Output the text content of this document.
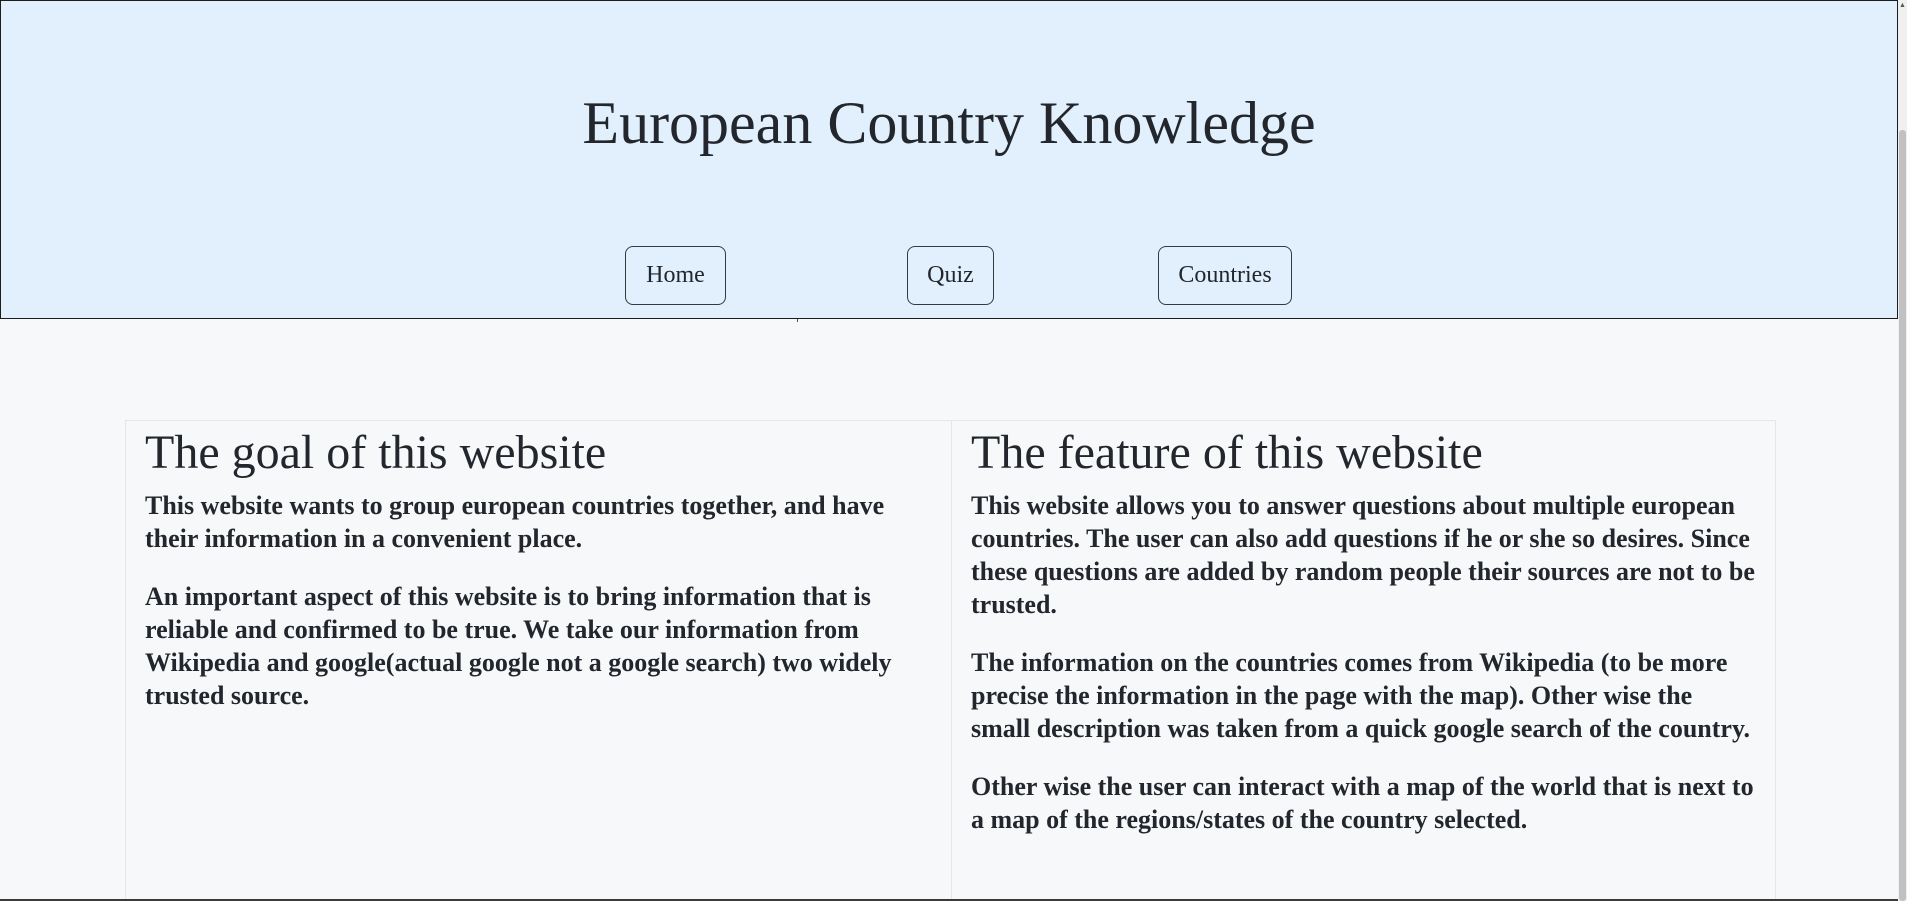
European Country Knowledge
Home	Quiz	Countries
The goal of this website

This website wants to group european countries together, and have their information in a convenient place.

An important aspect of this website is to bring information that is reliable and confirmed to be true. We take our information from Wikipedia and google(actual google not a google search) two widely trusted source.

The feature of this website

This website allows you to answer questions about multiple european countries. The user can also add questions if he or she so desires. Since these questions are added by random people their sources are not to be trusted.

The information on the countries comes from Wikipedia (to be more precise the information in the page with the map). Other wise the small description was taken from a quick google search of the country.

Other wise the user can interact with a map of the world that is next to a map of the regions/states of the country selected.

▲
